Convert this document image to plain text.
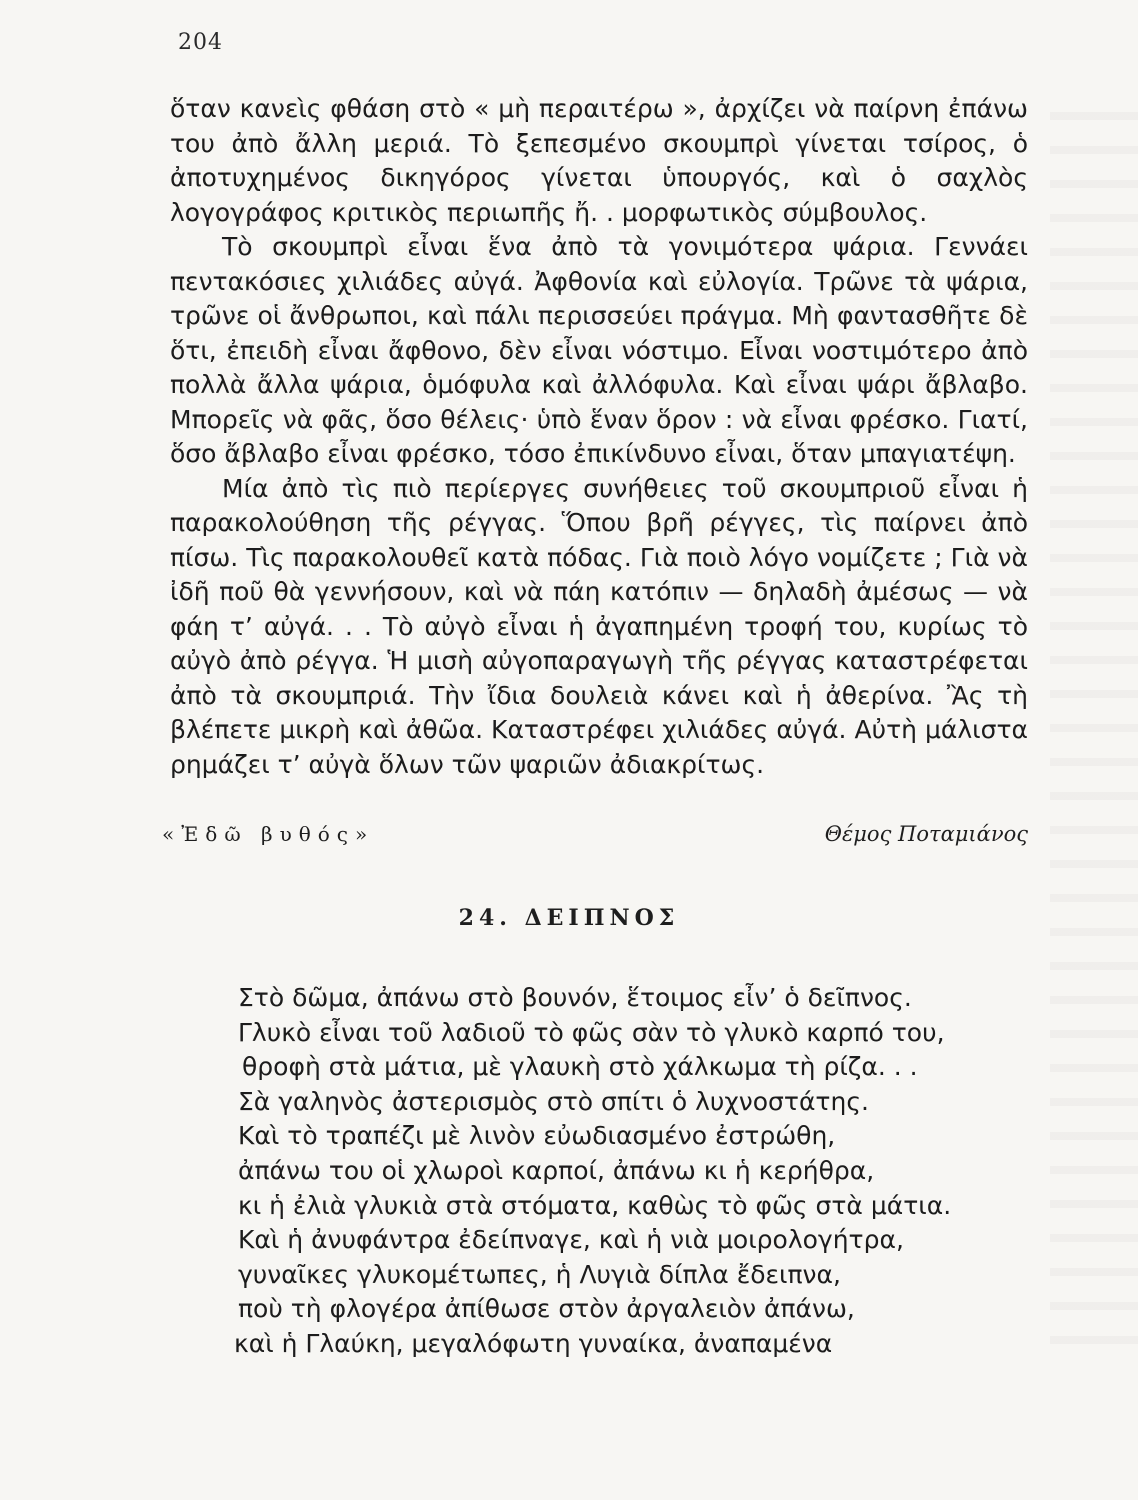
204

ὅταν κανεὶς φθάση στὸ « μὴ περαιτέρω », ἀρχίζει νὰ παίρνη ἐπάνω του ἀπὸ ἄλλη μεριά. Τὸ ξεπεσμένο σκουμπρὶ γίνεται τσίρος, ὁ ἀποτυχημένος δικηγόρος γίνεται ὑπουργός, καὶ ὁ σαχλὸς λογογράφος κριτικὸς περιωπῆς ἤ. . μορφωτικὸς σύμβουλος.

Τὸ σκουμπρὶ εἶναι ἕνα ἀπὸ τὰ γονιμότερα ψάρια. Γεννάει πεντακόσιες χιλιάδες αὐγά. Ἀφθονία καὶ εὐλογία. Τρῶνε τὰ ψάρια, τρῶνε οἱ ἄνθρωποι, καὶ πάλι περισσεύει πράγμα. Μὴ φαντασθῆτε δὲ ὅτι, ἐπειδὴ εἶναι ἄφθονο, δὲν εἶναι νόστιμο. Εἶναι νοστιμότερο ἀπὸ πολλὰ ἄλλα ψάρια, ὁμόφυλα καὶ ἀλλόφυλα. Καὶ εἶναι ψάρι ἄβλαβο. Μπορεῖς νὰ φᾶς, ὅσο θέλεις· ὑπὸ ἕναν ὅρον : νὰ εἶναι φρέσκο. Γιατί, ὅσο ἄβλαβο εἶναι φρέσκο, τόσο ἐπικίνδυνο εἶναι, ὅταν μπαγιατέψη.

Μία ἀπὸ τὶς πιὸ περίεργες συνήθειες τοῦ σκουμπριοῦ εἶναι ἡ παρακολούθηση τῆς ρέγγας. Ὅπου βρῆ ρέγγες, τὶς παίρνει ἀπὸ πίσω. Τὶς παρακολουθεῖ κατὰ πόδας. Γιὰ ποιὸ λόγο νομίζετε ; Γιὰ νὰ ἰδῆ ποῦ θὰ γεννήσουν, καὶ νὰ πάη κατόπιν — δηλαδὴ ἀμέσως — νὰ φάη τ’ αὐγά. . . Τὸ αὐγὸ εἶναι ἡ ἀγαπημένη τροφή του, κυρίως τὸ αὐγὸ ἀπὸ ρέγγα. Ἡ μισὴ αὐγοπαραγωγὴ τῆς ρέγγας καταστρέφεται ἀπὸ τὰ σκουμπριά. Τὴν ἴδια δουλειὰ κάνει καὶ ἡ ἀθερίνα. Ἂς τὴ βλέπετε μικρὴ καὶ ἀθῶα. Καταστρέφει χιλιάδες αὐγά. Αὐτὴ μάλιστα ρημάζει τ’ αὐγὰ ὅλων τῶν ψαριῶν ἀδιακρίτως.

«Ἐδῶ βυθός»	Θέμος Ποταμιάνος
24. ΔΕΙΠΝΟΣ
Στὸ δῶμα, ἀπάνω στὸ βουνόν, ἕτοιμος εἶν’ ὁ δεῖπνος.
Γλυκὸ εἶναι τοῦ λαδιοῦ τὸ φῶς σὰν τὸ γλυκὸ καρπό του,
θροφὴ στὰ μάτια, μὲ γλαυκὴ στὸ χάλκωμα τὴ ρίζα. . .
Σὰ γαληνὸς ἀστερισμὸς στὸ σπίτι ὁ λυχνοστάτης.
Καὶ τὸ τραπέζι μὲ λινὸν εὐωδιασμένο ἐστρώθη,
ἀπάνω του οἱ χλωροὶ καρποί, ἀπάνω κι ἡ κερήθρα,
κι ἡ ἐλιὰ γλυκιὰ στὰ στόματα, καθὼς τὸ φῶς στὰ μάτια.
Καὶ ἡ ἀνυφάντρα ἐδείπναγε, καὶ ἡ νιὰ μοιρολογήτρα,
γυναῖκες γλυκομέτωπες, ἡ Λυγιὰ δίπλα ἔδειπνα,
ποὺ τὴ φλογέρα ἀπίθωσε στὸν ἀργαλειὸν ἀπάνω,
καὶ ἡ Γλαύκη, μεγαλόφωτη γυναίκα, ἀναπαμένα
